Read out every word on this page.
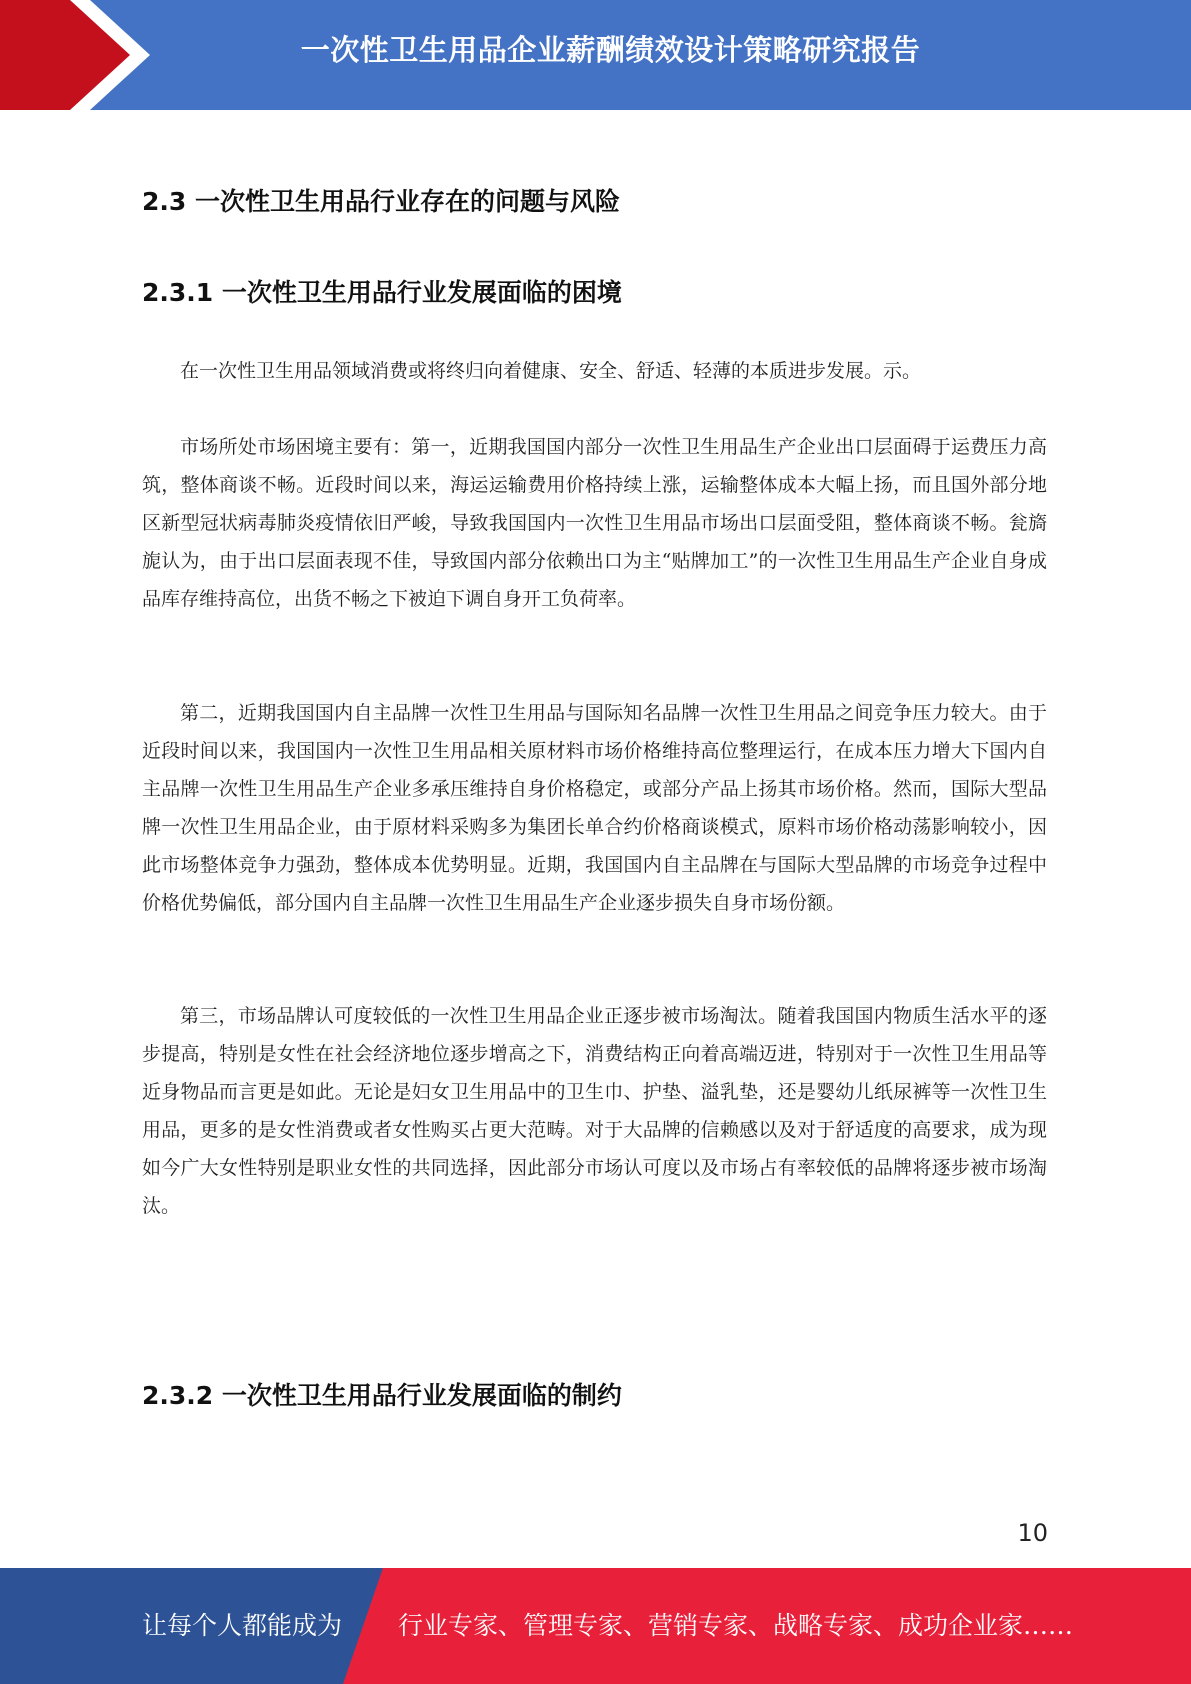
一次性卫生用品企业薪酬绩效设计策略研究报告
2.3 一次性卫生用品行业存在的问题与风险
2.3.1 一次性卫生用品行业发展面临的困境

在一次性卫生用品领域消费或将终归向着健康、安全、舒适、轻薄的本质进步发展。示。

市场所处市场困境主要有：第一，近期我国国内部分一次性卫生用品生产企业出口层面碍于运费压力高筑，整体商谈不畅。近段时间以来，海运运输费用价格持续上涨，运输整体成本大幅上扬，而且国外部分地区新型冠状病毒肺炎疫情依旧严峻，导致我国国内一次性卫生用品市场出口层面受阻，整体商谈不畅。瓮旖旎认为，由于出口层面表现不佳，导致国内部分依赖出口为主“贴牌加工”的一次性卫生用品生产企业自身成品库存维持高位，出货不畅之下被迫下调自身开工负荷率。

第二，近期我国国内自主品牌一次性卫生用品与国际知名品牌一次性卫生用品之间竞争压力较大。由于近段时间以来，我国国内一次性卫生用品相关原材料市场价格维持高位整理运行，在成本压力增大下国内自主品牌一次性卫生用品生产企业多承压维持自身价格稳定，或部分产品上扬其市场价格。然而，国际大型品牌一次性卫生用品企业，由于原材料采购多为集团长单合约价格商谈模式，原料市场价格动荡影响较小，因此市场整体竞争力强劲，整体成本优势明显。近期，我国国内自主品牌在与国际大型品牌的市场竞争过程中价格优势偏低，部分国内自主品牌一次性卫生用品生产企业逐步损失自身市场份额。

第三，市场品牌认可度较低的一次性卫生用品企业正逐步被市场淘汰。随着我国国内物质生活水平的逐步提高，特别是女性在社会经济地位逐步增高之下，消费结构正向着高端迈进，特别对于一次性卫生用品等近身物品而言更是如此。无论是妇女卫生用品中的卫生巾、护垫、溢乳垫，还是婴幼儿纸尿裤等一次性卫生用品，更多的是女性消费或者女性购买占更大范畴。对于大品牌的信赖感以及对于舒适度的高要求，成为现如今广大女性特别是职业女性的共同选择，因此部分市场认可度以及市场占有率较低的品牌将逐步被市场淘汰。

2.3.2 一次性卫生用品行业发展面临的制约
10
让每个人都能成为 行业专家、管理专家、营销专家、战略专家、成功企业家……
